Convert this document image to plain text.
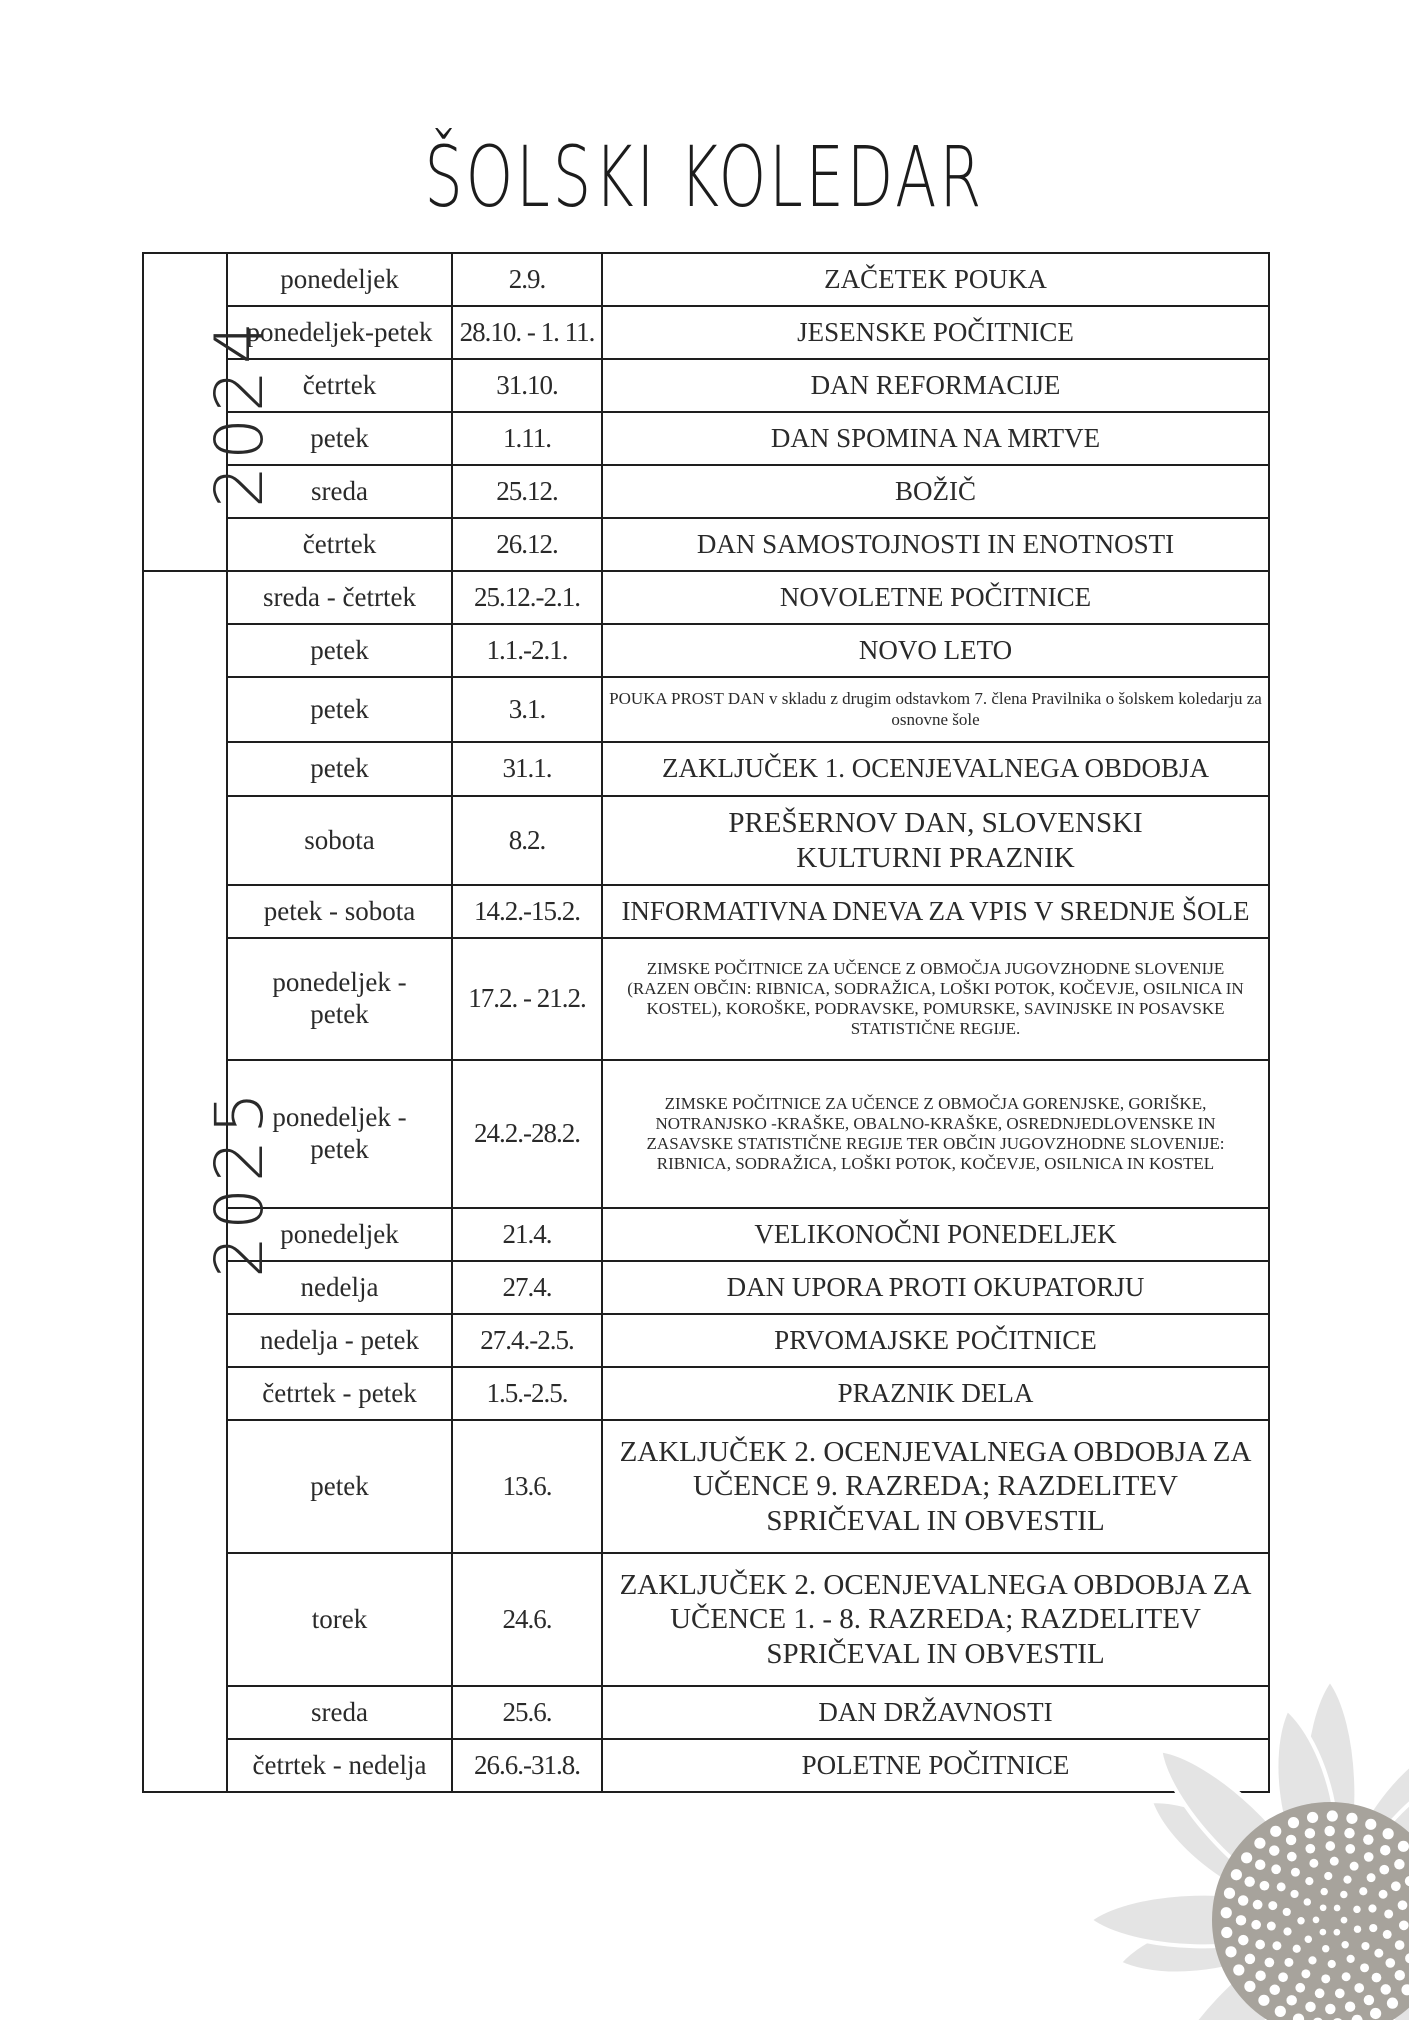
ŠOLSKI KOLEDAR
2024	ponedeljek	2.9.	ZAČETEK POUKA
	ponedeljek-petek	28.10. - 1. 11.	JESENSKE POČITNICE
	četrtek	31.10.	DAN REFORMACIJE
	petek	1.11.	DAN SPOMINA NA MRTVE
	sreda	25.12.	BOŽIČ
	četrtek	26.12.	DAN SAMOSTOJNOSTI IN ENOTNOSTI
2025	sreda - četrtek	25.12.-2.1.	NOVOLETNE POČITNICE
	petek	1.1.-2.1.	NOVO LETO
	petek	3.1.	POUKA PROST DAN v skladu z drugim odstavkom 7. člena Pravilnika o šolskem koledarju za osnovne šole
	petek	31.1.	ZAKLJUČEK 1. OCENJEVALNEGA OBDOBJA
	sobota	8.2.	PREŠERNOV DAN, SLOVENSKI KULTURNI PRAZNIK
	petek - sobota	14.2.-15.2.	INFORMATIVNA DNEVA ZA VPIS V SREDNJE ŠOLE
	ponedeljek - petek	17.2. - 21.2.	ZIMSKE POČITNICE ZA UČENCE Z OBMOČJA JUGOVZHODNE SLOVENIJE (RAZEN OBČIN: RIBNICA, SODRAŽICA, LOŠKI POTOK, KOČEVJE, OSILNICA IN KOSTEL), KOROŠKE, PODRAVSKE, POMURSKE, SAVINJSKE IN POSAVSKE STATISTIČNE REGIJE.
	ponedeljek - petek	24.2.-28.2.	ZIMSKE POČITNICE ZA UČENCE Z OBMOČJA GORENJSKE, GORIŠKE, NOTRANJSKO -KRAŠKE, OBALNO-KRAŠKE, OSREDNJEDLOVENSKE IN ZASAVSKE STATISTIČNE REGIJE TER OBČIN JUGOVZHODNE SLOVENIJE: RIBNICA, SODRAŽICA, LOŠKI POTOK, KOČEVJE, OSILNICA IN KOSTEL
	ponedeljek	21.4.	VELIKONOČNI PONEDELJEK
	nedelja	27.4.	DAN UPORA PROTI OKUPATORJU
	nedelja - petek	27.4.-2.5.	PRVOMAJSKE POČITNICE
	četrtek - petek	1.5.-2.5.	PRAZNIK DELA
	petek	13.6.	ZAKLJUČEK 2. OCENJEVALNEGA OBDOBJA ZA UČENCE 9. RAZREDA; RAZDELITEV SPRIČEVAL IN OBVESTIL
	torek	24.6.	ZAKLJUČEK 2. OCENJEVALNEGA OBDOBJA ZA UČENCE 1. - 8. RAZREDA; RAZDELITEV SPRIČEVAL IN OBVESTIL
	sreda	25.6.	DAN DRŽAVNOSTI
	četrtek - nedelja	26.6.-31.8.	POLETNE POČITNICE
